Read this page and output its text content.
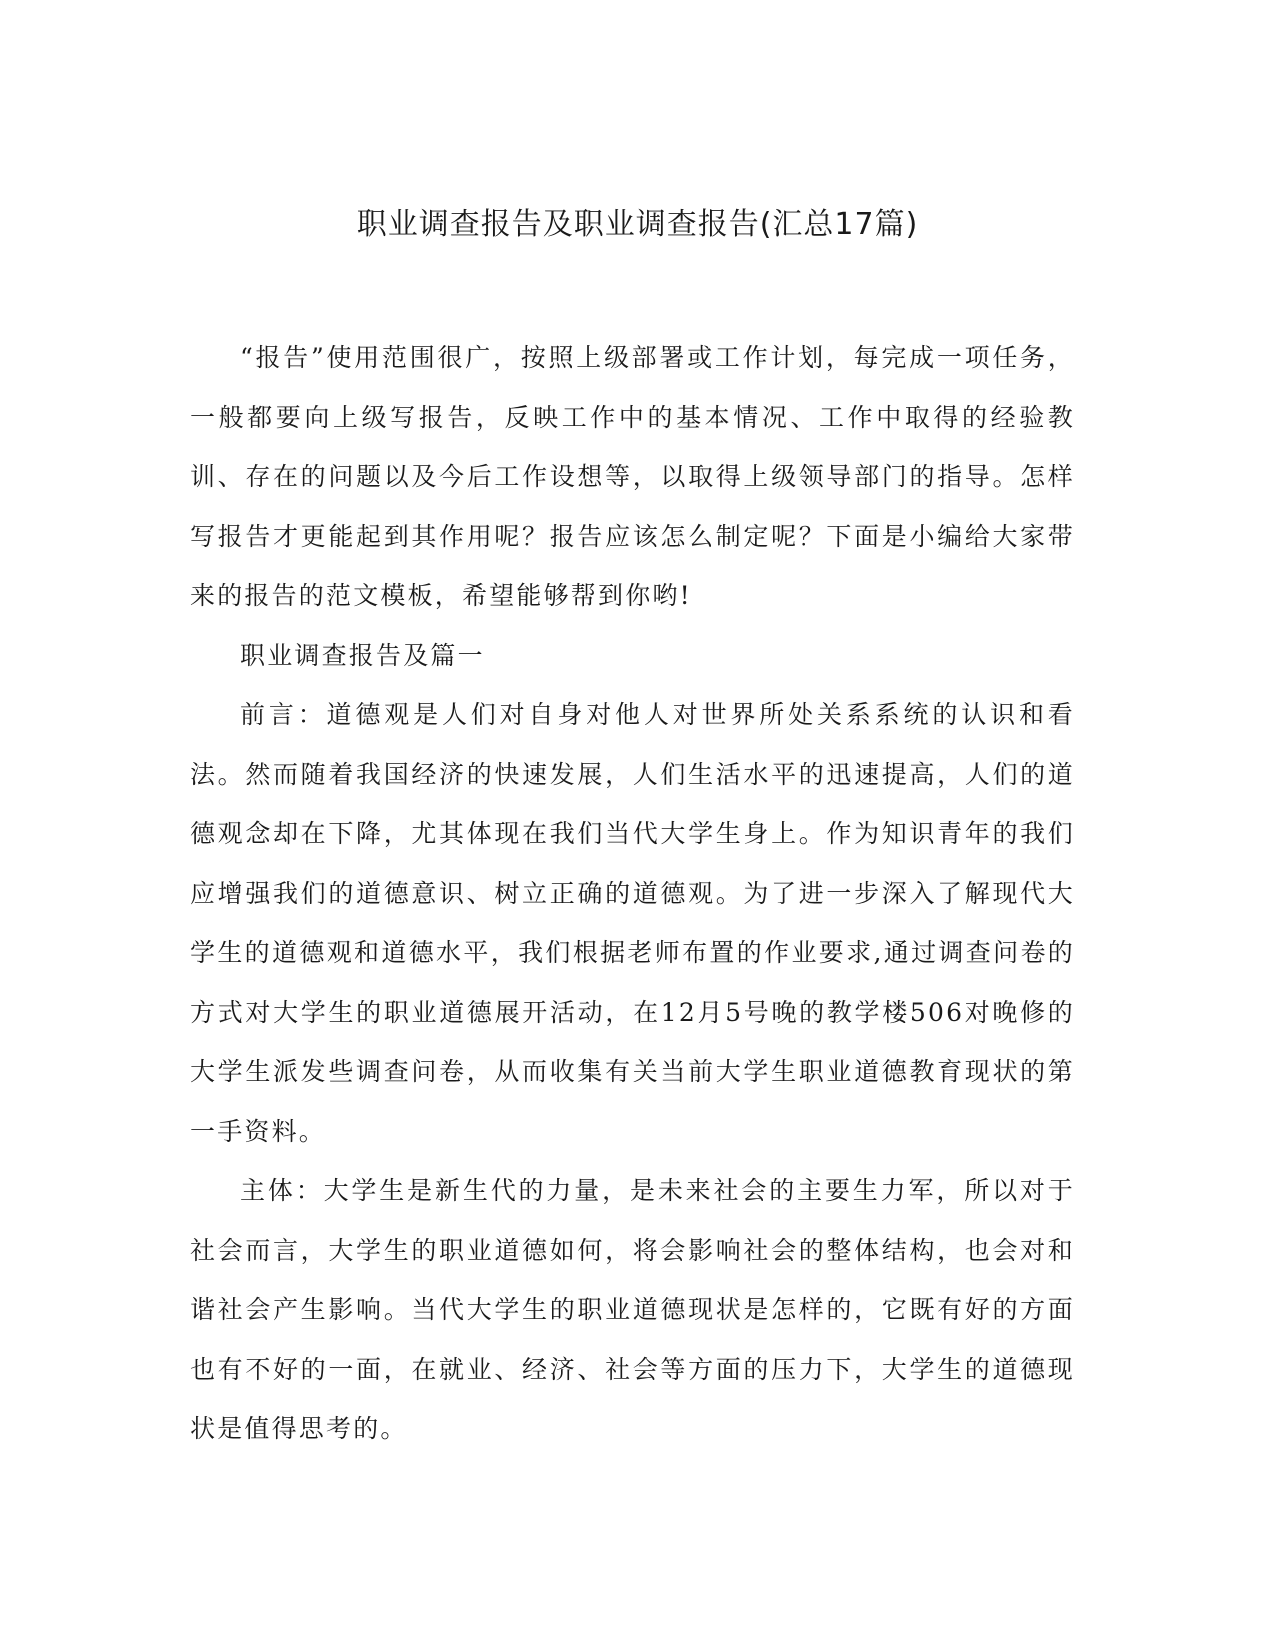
职业调查报告及职业调查报告(汇总17篇)

“报告”使用范围很广，按照上级部署或工作计划，每完成一项任务，一般都要向上级写报告，反映工作中的基本情况、工作中取得的经验教训、存在的问题以及今后工作设想等，以取得上级领导部门的指导。怎样写报告才更能起到其作用呢？报告应该怎么制定呢？下面是小编给大家带来的报告的范文模板，希望能够帮到你哟!

职业调查报告及篇一

前言：道德观是人们对自身对他人对世界所处关系系统的认识和看法。然而随着我国经济的快速发展，人们生活水平的迅速提高，人们的道德观念却在下降，尤其体现在我们当代大学生身上。作为知识青年的我们应增强我们的道德意识、树立正确的道德观。为了进一步深入了解现代大学生的道德观和道德水平，我们根据老师布置的作业要求,通过调查问卷的方式对大学生的职业道德展开活动，在12月5号晚的教学楼506对晚修的大学生派发些调查问卷，从而收集有关当前大学生职业道德教育现状的第一手资料。

主体：大学生是新生代的力量，是未来社会的主要生力军，所以对于社会而言，大学生的职业道德如何，将会影响社会的整体结构，也会对和谐社会产生影响。当代大学生的职业道德现状是怎样的，它既有好的方面也有不好的一面，在就业、经济、社会等方面的压力下，大学生的道德现状是值得思考的。
